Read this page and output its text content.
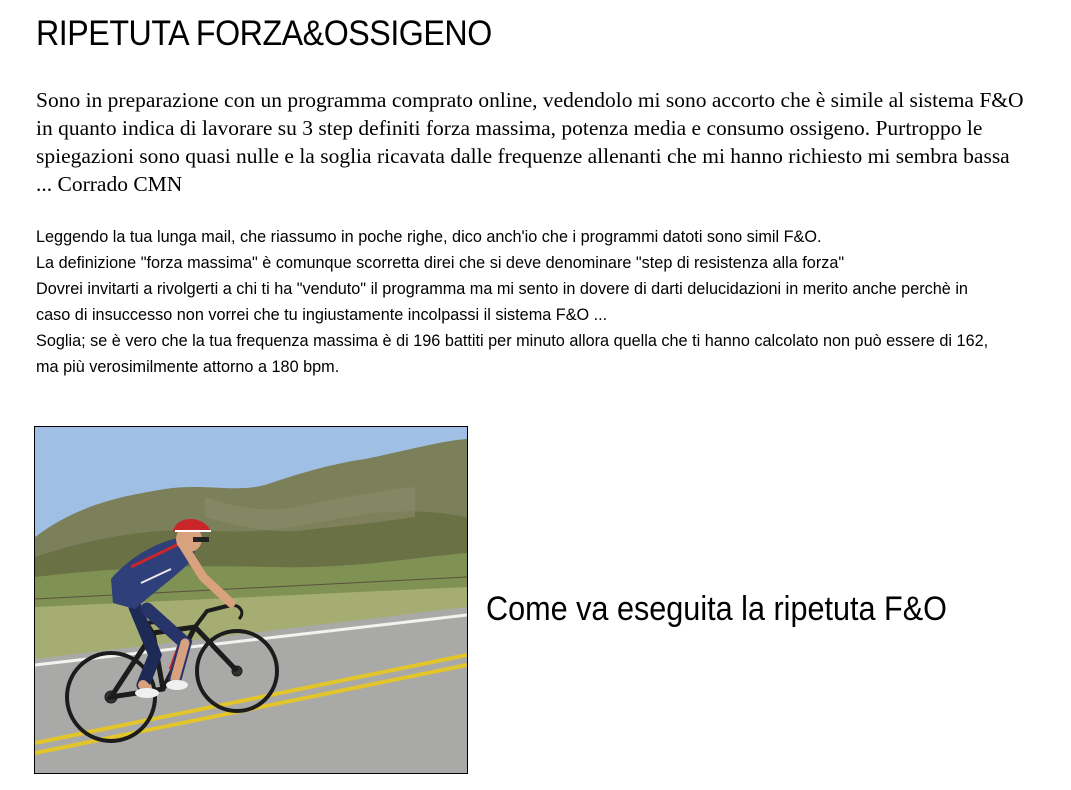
RIPETUTA FORZA&OSSIGENO

Sono in preparazione con un programma comprato online, vedendolo mi sono accorto che è simile al sistema F&O in quanto indica di lavorare su 3 step definiti forza massima, potenza media e consumo ossigeno. Purtroppo le spiegazioni sono quasi nulle e la soglia ricavata dalle frequenze allenanti che mi hanno richiesto mi sembra bassa ... Corrado CMN

Leggendo la tua lunga mail, che riassumo in poche righe, dico anch'io che i programmi datoti sono simil F&O.

La definizione "forza massima" è comunque scorretta direi che si deve denominare "step di resistenza alla forza"

Dovrei invitarti a rivolgerti a chi ti ha "venduto" il programma ma mi sento in dovere di darti delucidazioni in merito anche perchè in caso di insuccesso non vorrei che tu ingiustamente incolpassi il sistema F&O ...

Soglia; se è vero che la tua frequenza massima è di 196 battiti per minuto allora quella che ti hanno calcolato non può essere di 162, ma più verosimilmente attorno a 180 bpm.

Come va eseguita la ripetuta F&O
